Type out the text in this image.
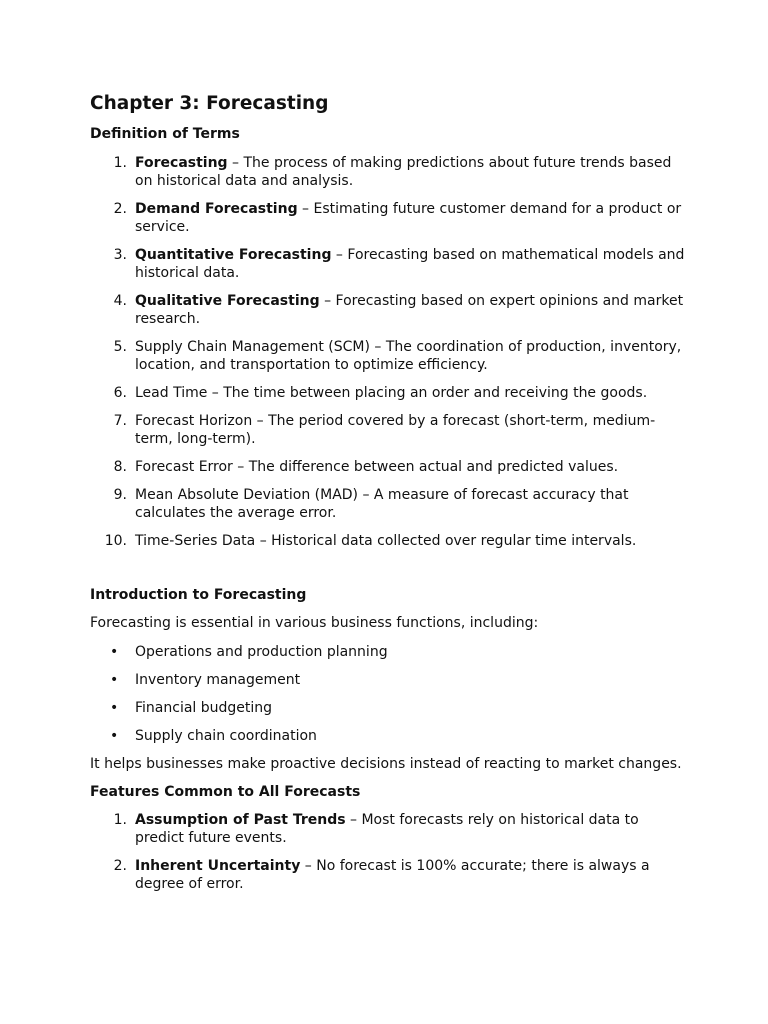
Chapter 3: Forecasting
Definition of Terms
1. Forecasting – The process of making predictions about future trends based on historical data and analysis.
2. Demand Forecasting – Estimating future customer demand for a product or service.
3. Quantitative Forecasting – Forecasting based on mathematical models and historical data.
4. Qualitative Forecasting – Forecasting based on expert opinions and market research.
5. Supply Chain Management (SCM) – The coordination of production, inventory, location, and transportation to optimize efficiency.
6. Lead Time – The time between placing an order and receiving the goods.
7. Forecast Horizon – The period covered by a forecast (short-term, medium-term, long-term).
8. Forecast Error – The difference between actual and predicted values.
9. Mean Absolute Deviation (MAD) – A measure of forecast accuracy that calculates the average error.
10. Time-Series Data – Historical data collected over regular time intervals.
Introduction to Forecasting

Forecasting is essential in various business functions, including:

• Operations and production planning
• Inventory management
• Financial budgeting
• Supply chain coordination

It helps businesses make proactive decisions instead of reacting to market changes.

Features Common to All Forecasts
1. Assumption of Past Trends – Most forecasts rely on historical data to predict future events.
2. Inherent Uncertainty – No forecast is 100% accurate; there is always a degree of error.
